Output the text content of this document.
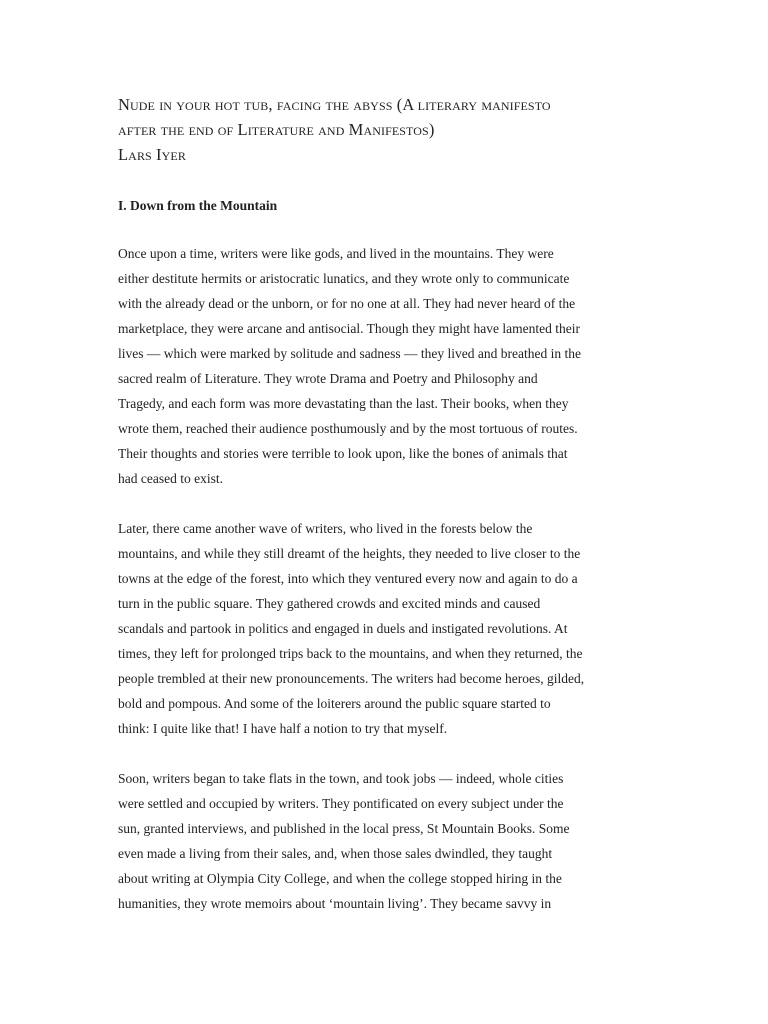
Nude in your hot tub, facing the abyss (A literary manifesto
after the end of Literature and Manifestos)
Lars Iyer
I. Down from the Mountain
Once upon a time, writers were like gods, and lived in the mountains. They were
either destitute hermits or aristocratic lunatics, and they wrote only to communicate
with the already dead or the unborn, or for no one at all. They had never heard of the
marketplace, they were arcane and antisocial. Though they might have lamented their
lives — which were marked by solitude and sadness — they lived and breathed in the
sacred realm of Literature. They wrote Drama and Poetry and Philosophy and
Tragedy, and each form was more devastating than the last. Their books, when they
wrote them, reached their audience posthumously and by the most tortuous of routes.
Their thoughts and stories were terrible to look upon, like the bones of animals that
had ceased to exist.
Later, there came another wave of writers, who lived in the forests below the
mountains, and while they still dreamt of the heights, they needed to live closer to the
towns at the edge of the forest, into which they ventured every now and again to do a
turn in the public square. They gathered crowds and excited minds and caused
scandals and partook in politics and engaged in duels and instigated revolutions. At
times, they left for prolonged trips back to the mountains, and when they returned, the
people trembled at their new pronouncements. The writers had become heroes, gilded,
bold and pompous. And some of the loiterers around the public square started to
think: I quite like that! I have half a notion to try that myself.
Soon, writers began to take flats in the town, and took jobs — indeed, whole cities
were settled and occupied by writers. They pontificated on every subject under the
sun, granted interviews, and published in the local press, St Mountain Books. Some
even made a living from their sales, and, when those sales dwindled, they taught
about writing at Olympia City College, and when the college stopped hiring in the
humanities, they wrote memoirs about ‘mountain living’. They became savvy in
